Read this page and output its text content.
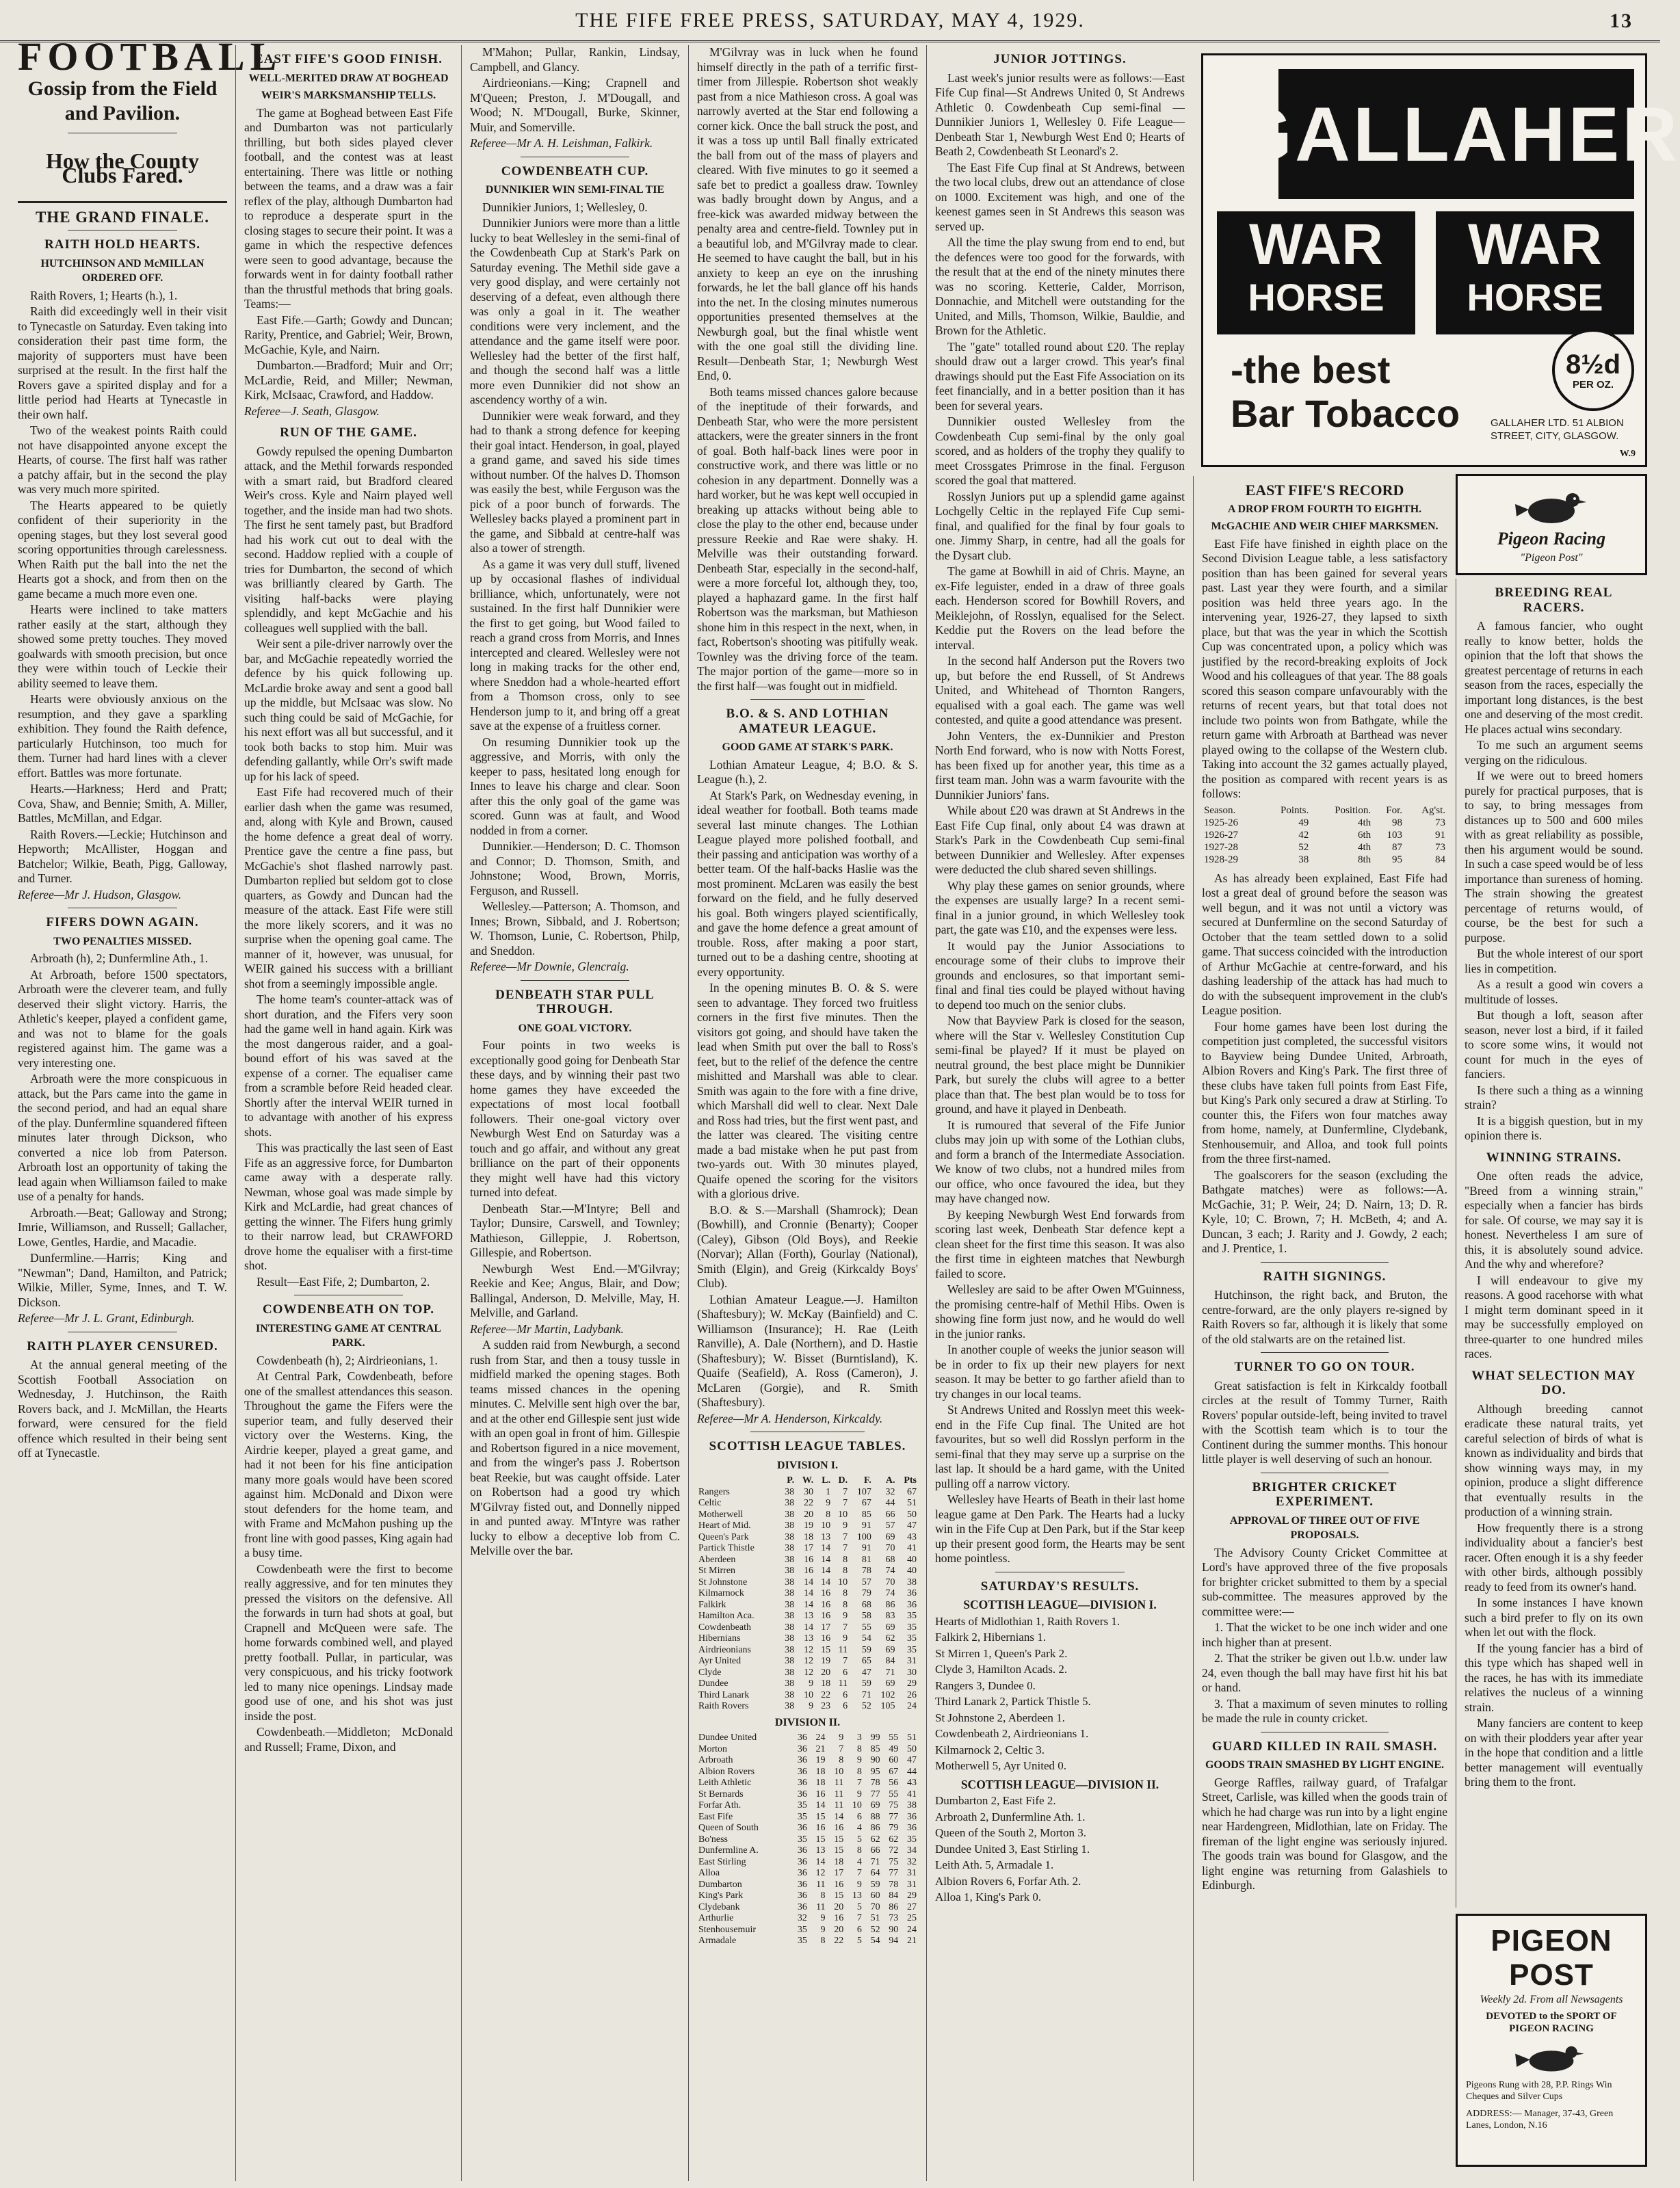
THE FIFE FREE PRESS, SATURDAY, MAY 4, 1929.	13
FOOTBALL
Gossip from the Field and Pavilion.
How the County Clubs Fared.
THE GRAND FINALE.
RAITH HOLD HEARTS.
HUTCHINSON AND McMILLAN ORDERED OFF.

Raith Rovers, 1; Hearts (h.), 1.

Raith did exceedingly well in their visit to Tynecastle on Saturday. Even taking into consideration their past time form, the majority of supporters must have been surprised at the result. In the first half the Rovers gave a spirited display and for a little period had Hearts at Tynecastle in their own half.

Two of the weakest points Raith could not have disappointed anyone except the Hearts, of course. The first half was rather a patchy affair, but in the second the play was very much more spirited.

The Hearts appeared to be quietly confident of their superiority in the opening stages, but they lost several good scoring opportunities through carelessness. When Raith put the ball into the net the Hearts got a shock, and from then on the game became a much more even one.

Hearts were inclined to take matters rather easily at the start, although they showed some pretty touches. They moved goalwards with smooth precision, but once they were within touch of Leckie their ability seemed to leave them.

Hearts were obviously anxious on the resumption, and they gave a sparkling exhibition. They found the Raith defence, particularly Hutchinson, too much for them. Turner had hard lines with a clever effort. Battles was more fortunate.

Hearts.—Harkness; Herd and Pratt; Cova, Shaw, and Bennie; Smith, A. Miller, Battles, McMillan, and Edgar.

Raith Rovers.—Leckie; Hutchinson and Hepworth; McAllister, Hoggan and Batchelor; Wilkie, Beath, Pigg, Galloway, and Turner.

Referee—Mr J. Hudson, Glasgow.

FIFERS DOWN AGAIN.
TWO PENALTIES MISSED.

Arbroath (h), 2; Dunfermline Ath., 1.

At Arbroath, before 1500 spectators, Arbroath were the cleverer team, and fully deserved their slight victory. Harris, the Athletic's keeper, played a confident game, and was not to blame for the goals registered against him. The game was a very interesting one.

Arbroath were the more conspicuous in attack, but the Pars came into the game in the second period, and had an equal share of the play. Dunfermline squandered fifteen minutes later through Dickson, who converted a nice lob from Paterson. Arbroath lost an opportunity of taking the lead again when Williamson failed to make use of a penalty for hands.

Arbroath.—Beat; Galloway and Strong; Imrie, Williamson, and Russell; Gallacher, Lowe, Gentles, Hardie, and Macadie.

Dunfermline.—Harris; King and "Newman"; Dand, Hamilton, and Patrick; Wilkie, Miller, Syme, Innes, and T. W. Dickson.

Referee—Mr J. L. Grant, Edinburgh.

RAITH PLAYER CENSURED.

At the annual general meeting of the Scottish Football Association on Wednesday, J. Hutchinson, the Raith Rovers back, and J. McMillan, the Hearts forward, were censured for the field offence which resulted in their being sent off at Tynecastle.

EAST FIFE'S GOOD FINISH.
WELL-MERITED DRAW AT BOGHEAD
WEIR'S MARKSMANSHIP TELLS.

The game at Boghead between East Fife and Dumbarton was not particularly thrilling, but both sides played clever football, and the contest was at least entertaining. There was little or nothing between the teams, and a draw was a fair reflex of the play, although Dumbarton had to reproduce a desperate spurt in the closing stages to secure their point. It was a game in which the respective defences were seen to good advantage, because the forwards went in for dainty football rather than the thrustful methods that bring goals. Teams:—

East Fife.—Garth; Gowdy and Duncan; Rarity, Prentice, and Gabriel; Weir, Brown, McGachie, Kyle, and Nairn.

Dumbarton.—Bradford; Muir and Orr; McLardie, Reid, and Miller; Newman, Kirk, McIsaac, Crawford, and Haddow.

Referee—J. Seath, Glasgow.

RUN OF THE GAME.

Gowdy repulsed the opening Dumbarton attack, and the Methil forwards responded with a smart raid, but Bradford cleared Weir's cross. Kyle and Nairn played well together, and the inside man had two shots. The first he sent tamely past, but Bradford had his work cut out to deal with the second. Haddow replied with a couple of tries for Dumbarton, the second of which was brilliantly cleared by Garth. The visiting half-backs were playing splendidly, and kept McGachie and his colleagues well supplied with the ball.

Weir sent a pile-driver narrowly over the bar, and McGachie repeatedly worried the defence by his quick following up. McLardie broke away and sent a good ball up the middle, but McIsaac was slow. No such thing could be said of McGachie, for his next effort was all but successful, and it took both backs to stop him. Muir was defending gallantly, while Orr's swift made up for his lack of speed.

East Fife had recovered much of their earlier dash when the game was resumed, and, along with Kyle and Brown, caused the home defence a great deal of worry. Prentice gave the centre a fine pass, but McGachie's shot flashed narrowly past. Dumbarton replied but seldom got to close quarters, as Gowdy and Duncan had the measure of the attack. East Fife were still the more likely scorers, and it was no surprise when the opening goal came. The manner of it, however, was unusual, for WEIR gained his success with a brilliant shot from a seemingly impossible angle.

The home team's counter-attack was of short duration, and the Fifers very soon had the game well in hand again. Kirk was the most dangerous raider, and a goal-bound effort of his was saved at the expense of a corner. The equaliser came from a scramble before Reid headed clear. Shortly after the interval WEIR turned in to advantage with another of his express shots.

This was practically the last seen of East Fife as an aggressive force, for Dumbarton came away with a desperate rally. Newman, whose goal was made simple by Kirk and McLardie, had great chances of getting the winner. The Fifers hung grimly to their narrow lead, but CRAWFORD drove home the equaliser with a first-time shot.

Result—East Fife, 2; Dumbarton, 2.

COWDENBEATH ON TOP.
INTERESTING GAME AT CENTRAL PARK.

Cowdenbeath (h), 2; Airdrieonians, 1.

At Central Park, Cowdenbeath, before one of the smallest attendances this season. Throughout the game the Fifers were the superior team, and fully deserved their victory over the Westerns. King, the Airdrie keeper, played a great game, and had it not been for his fine anticipation many more goals would have been scored against him. McDonald and Dixon were stout defenders for the home team, and with Frame and McMahon pushing up the front line with good passes, King again had a busy time.

Cowdenbeath were the first to become really aggressive, and for ten minutes they pressed the visitors on the defensive. All the forwards in turn had shots at goal, but Crapnell and McQueen were safe. The home forwards combined well, and played pretty football. Pullar, in particular, was very conspicuous, and his tricky footwork led to many nice openings. Lindsay made good use of one, and his shot was just inside the post.

Cowdenbeath.—Middleton; McDonald and Russell; Frame, Dixon, and

M'Mahon; Pullar, Rankin, Lindsay, Campbell, and Glancy.

Airdrieonians.—King; Crapnell and M'Queen; Preston, J. M'Dougall, and Wood; N. M'Dougall, Burke, Skinner, Muir, and Somerville.

Referee—Mr A. H. Leishman, Falkirk.

COWDENBEATH CUP.
DUNNIKIER WIN SEMI-FINAL TIE

Dunnikier Juniors, 1; Wellesley, 0.

Dunnikier Juniors were more than a little lucky to beat Wellesley in the semi-final of the Cowdenbeath Cup at Stark's Park on Saturday evening. The Methil side gave a very good display, and were certainly not deserving of a defeat, even although there was only a goal in it. The weather conditions were very inclement, and the attendance and the game itself were poor. Wellesley had the better of the first half, and though the second half was a little more even Dunnikier did not show an ascendency worthy of a win.

Dunnikier were weak forward, and they had to thank a strong defence for keeping their goal intact. Henderson, in goal, played a grand game, and saved his side times without number. Of the halves D. Thomson was easily the best, while Ferguson was the pick of a poor bunch of forwards. The Wellesley backs played a prominent part in the game, and Sibbald at centre-half was also a tower of strength.

As a game it was very dull stuff, livened up by occasional flashes of individual brilliance, which, unfortunately, were not sustained. In the first half Dunnikier were the first to get going, but Wood failed to reach a grand cross from Morris, and Innes intercepted and cleared. Wellesley were not long in making tracks for the other end, where Sneddon had a whole-hearted effort from a Thomson cross, only to see Henderson jump to it, and bring off a great save at the expense of a fruitless corner.

On resuming Dunnikier took up the aggressive, and Morris, with only the keeper to pass, hesitated long enough for Innes to leave his charge and clear. Soon after this the only goal of the game was scored. Gunn was at fault, and Wood nodded in from a corner.

Dunnikier.—Henderson; D. C. Thomson and Connor; D. Thomson, Smith, and Johnstone; Wood, Brown, Morris, Ferguson, and Russell.

Wellesley.—Patterson; A. Thomson, and Innes; Brown, Sibbald, and J. Robertson; W. Thomson, Lunie, C. Robertson, Philp, and Sneddon.

Referee—Mr Downie, Glencraig.

DENBEATH STAR PULL THROUGH.
ONE GOAL VICTORY.

Four points in two weeks is exceptionally good going for Denbeath Star these days, and by winning their past two home games they have exceeded the expectations of most local football followers. Their one-goal victory over Newburgh West End on Saturday was a touch and go affair, and without any great brilliance on the part of their opponents they might well have had this victory turned into defeat.

Denbeath Star.—M'Intyre; Bell and Taylor; Dunsire, Carswell, and Townley; Mathieson, Gilleppie, J. Robertson, Gillespie, and Robertson.

Newburgh West End.—M'Gilvray; Reekie and Kee; Angus, Blair, and Dow; Ballingal, Anderson, D. Melville, May, H. Melville, and Garland.

Referee—Mr Martin, Ladybank.

A sudden raid from Newburgh, a second rush from Star, and then a tousy tussle in midfield marked the opening stages. Both teams missed chances in the opening minutes. C. Melville sent high over the bar, and at the other end Gillespie sent just wide with an open goal in front of him. Gillespie and Robertson figured in a nice movement, and from the winger's pass J. Robertson beat Reekie, but was caught offside. Later on Robertson had a good try which M'Gilvray fisted out, and Donnelly nipped in and punted away. M'Intyre was rather lucky to elbow a deceptive lob from C. Melville over the bar.

M'Gilvray was in luck when he found himself directly in the path of a terrific first-timer from Jillespie. Robertson shot weakly past from a nice Mathieson cross. A goal was narrowly averted at the Star end following a corner kick. Once the ball struck the post, and it was a toss up until Ball finally extricated the ball from out of the mass of players and cleared. With five minutes to go it seemed a safe bet to predict a goalless draw. Townley was badly brought down by Angus, and a free-kick was awarded midway between the penalty area and centre-field. Townley put in a beautiful lob, and M'Gilvray made to clear. He seemed to have caught the ball, but in his anxiety to keep an eye on the inrushing forwards, he let the ball glance off his hands into the net. In the closing minutes numerous opportunities presented themselves at the Newburgh goal, but the final whistle went with the one goal still the dividing line. Result—Denbeath Star, 1; Newburgh West End, 0.

Both teams missed chances galore because of the ineptitude of their forwards, and Denbeath Star, who were the more persistent attackers, were the greater sinners in the front of goal. Both half-back lines were poor in constructive work, and there was little or no cohesion in any department. Donnelly was a hard worker, but he was kept well occupied in breaking up attacks without being able to close the play to the other end, because under pressure Reekie and Rae were shaky. H. Melville was their outstanding forward. Denbeath Star, especially in the second-half, were a more forceful lot, although they, too, played a haphazard game. In the first half Robertson was the marksman, but Mathieson shone him in this respect in the next, when, in fact, Robertson's shooting was pitifully weak. Townley was the driving force of the team. The major portion of the game—more so in the first half—was fought out in midfield.

B.O. & S. AND LOTHIAN AMATEUR LEAGUE.
GOOD GAME AT STARK'S PARK.

Lothian Amateur League, 4; B.O. & S. League (h.), 2.

At Stark's Park, on Wednesday evening, in ideal weather for football. Both teams made several last minute changes. The Lothian League played more polished football, and their passing and anticipation was worthy of a better team. Of the half-backs Haslie was the most prominent. McLaren was easily the best forward on the field, and he fully deserved his goal. Both wingers played scientifically, and gave the home defence a great amount of trouble. Ross, after making a poor start, turned out to be a dashing centre, shooting at every opportunity.

In the opening minutes B. O. & S. were seen to advantage. They forced two fruitless corners in the first five minutes. Then the visitors got going, and should have taken the lead when Smith put over the ball to Ross's feet, but to the relief of the defence the centre mishitted and Marshall was able to clear. Smith was again to the fore with a fine drive, which Marshall did well to clear. Next Dale and Ross had tries, but the first went past, and the latter was cleared. The visiting centre made a bad mistake when he put past from two-yards out. With 30 minutes played, Quaife opened the scoring for the visitors with a glorious drive.

B.O. & S.—Marshall (Shamrock); Dean (Bowhill), and Cronnie (Benarty); Cooper (Caley), Gibson (Old Boys), and Reekie (Norvar); Allan (Forth), Gourlay (National), Smith (Elgin), and Greig (Kirkcaldy Boys' Club).

Lothian Amateur League.—J. Hamilton (Shaftesbury); W. McKay (Bainfield) and C. Williamson (Insurance); H. Rae (Leith Ranville), A. Dale (Northern), and D. Hastie (Shaftesbury); W. Bisset (Burntisland), K. Quaife (Seafield), A. Ross (Cameron), J. McLaren (Gorgie), and R. Smith (Shaftesbury).

Referee—Mr A. Henderson, Kirkcaldy.

SCOTTISH LEAGUE TABLES.
DIVISION I.
	P.	W.	L.	D.	F.	A.	Pts
Rangers	38	30	1	7	107	32	67
Celtic	38	22	9	7	67	44	51
Motherwell	38	20	8	10	85	66	50
Heart of Mid.	38	19	10	9	91	57	47
Queen's Park	38	18	13	7	100	69	43
Partick Thistle	38	17	14	7	91	70	41
Aberdeen	38	16	14	8	81	68	40
St Mirren	38	16	14	8	78	74	40
St Johnstone	38	14	14	10	57	70	38
Kilmarnock	38	14	16	8	79	74	36
Falkirk	38	14	16	8	68	86	36
Hamilton Aca.	38	13	16	9	58	83	35
Cowdenbeath	38	14	17	7	55	69	35
Hibernians	38	13	16	9	54	62	35
Airdrieonians	38	12	15	11	59	69	35
Ayr United	38	12	19	7	65	84	31
Clyde	38	12	20	6	47	71	30
Dundee	38	9	18	11	59	69	29
Third Lanark	38	10	22	6	71	102	26
Raith Rovers	38	9	23	6	52	105	24
DIVISION II.
Dundee United	36	24	9	3	99	55	51
Morton	36	21	7	8	85	49	50
Arbroath	36	19	8	9	90	60	47
Albion Rovers	36	18	10	8	95	67	44
Leith Athletic	36	18	11	7	78	56	43
St Bernards	36	16	11	9	77	55	41
Forfar Ath.	35	14	11	10	69	75	38
East Fife	35	15	14	6	88	77	36
Queen of South	36	16	16	4	86	79	36
Bo'ness	35	15	15	5	62	62	35
Dunfermline A.	36	13	15	8	66	72	34
East Stirling	36	14	18	4	71	75	32
Alloa	36	12	17	7	64	77	31
Dumbarton	36	11	16	9	59	78	31
King's Park	36	8	15	13	60	84	29
Clydebank	36	11	20	5	70	86	27
Arthurlie	32	9	16	7	51	73	25
Stenhousemuir	35	9	20	6	52	90	24
Armadale	35	8	22	5	54	94	21
JUNIOR JOTTINGS.

Last week's junior results were as follows:—East Fife Cup final—St Andrews United 0, St Andrews Athletic 0. Cowdenbeath Cup semi-final — Dunnikier Juniors 1, Wellesley 0. Fife League—Denbeath Star 1, Newburgh West End 0; Hearts of Beath 2, Cowdenbeath St Leonard's 2.

The East Fife Cup final at St Andrews, between the two local clubs, drew out an attendance of close on 1000. Excitement was high, and one of the keenest games seen in St Andrews this season was served up.

All the time the play swung from end to end, but the defences were too good for the forwards, with the result that at the end of the ninety minutes there was no scoring. Ketterie, Calder, Morrison, Donnachie, and Mitchell were outstanding for the United, and Mills, Thomson, Wilkie, Bauldie, and Brown for the Athletic.

The "gate" totalled round about £20. The replay should draw out a larger crowd. This year's final drawings should put the East Fife Association on its feet financially, and in a better position than it has been for several years.

Dunnikier ousted Wellesley from the Cowdenbeath Cup semi-final by the only goal scored, and as holders of the trophy they qualify to meet Crossgates Primrose in the final. Ferguson scored the goal that mattered.

Rosslyn Juniors put up a splendid game against Lochgelly Celtic in the replayed Fife Cup semi-final, and qualified for the final by four goals to one. Jimmy Sharp, in centre, had all the goals for the Dysart club.

The game at Bowhill in aid of Chris. Mayne, an ex-Fife leguister, ended in a draw of three goals each. Henderson scored for Bowhill Rovers, and Meiklejohn, of Rosslyn, equalised for the Select. Keddie put the Rovers on the lead before the interval.

In the second half Anderson put the Rovers two up, but before the end Russell, of St Andrews United, and Whitehead of Thornton Rangers, equalised with a goal each. The game was well contested, and quite a good attendance was present.

John Venters, the ex-Dunnikier and Preston North End forward, who is now with Notts Forest, has been fixed up for another year, this time as a first team man. John was a warm favourite with the Dunnikier Juniors' fans.

While about £20 was drawn at St Andrews in the East Fife Cup final, only about £4 was drawn at Stark's Park in the Cowdenbeath Cup semi-final between Dunnikier and Wellesley. After expenses were deducted the club shared seven shillings.

Why play these games on senior grounds, where the expenses are usually large? In a recent semi-final in a junior ground, in which Wellesley took part, the gate was £10, and the expenses were less.

It would pay the Junior Associations to encourage some of their clubs to improve their grounds and enclosures, so that important semi-final and final ties could be played without having to depend too much on the senior clubs.

Now that Bayview Park is closed for the season, where will the Star v. Wellesley Constitution Cup semi-final be played? If it must be played on neutral ground, the best place might be Dunnikier Park, but surely the clubs will agree to a better place than that. The best plan would be to toss for ground, and have it played in Denbeath.

It is rumoured that several of the Fife Junior clubs may join up with some of the Lothian clubs, and form a branch of the Intermediate Association. We know of two clubs, not a hundred miles from our office, who once favoured the idea, but they may have changed now.

By keeping Newburgh West End forwards from scoring last week, Denbeath Star defence kept a clean sheet for the first time this season. It was also the first time in eighteen matches that Newburgh failed to score.

Wellesley are said to be after Owen M'Guinness, the promising centre-half of Methil Hibs. Owen is showing fine form just now, and he would do well in the junior ranks.

In another couple of weeks the junior season will be in order to fix up their new players for next season. It may be better to go farther afield than to try changes in our local teams.

St Andrews United and Rosslyn meet this week-end in the Fife Cup final. The United are hot favourites, but so well did Rosslyn perform in the semi-final that they may serve up a surprise on the last lap. It should be a hard game, with the United pulling off a narrow victory.

Wellesley have Hearts of Beath in their last home league game at Den Park. The Hearts had a lucky win in the Fife Cup at Den Park, but if the Star keep up their present good form, the Hearts may be sent home pointless.

SATURDAY'S RESULTS.
SCOTTISH LEAGUE—DIVISION I.

Hearts of Midlothian 1, Raith Rovers 1.

Falkirk 2, Hibernians 1.

St Mirren 1, Queen's Park 2.

Clyde 3, Hamilton Acads. 2.

Rangers 3, Dundee 0.

Third Lanark 2, Partick Thistle 5.

St Johnstone 2, Aberdeen 1.

Cowdenbeath 2, Airdrieonians 1.

Kilmarnock 2, Celtic 3.

Motherwell 5, Ayr United 0.

SCOTTISH LEAGUE—DIVISION II.

Dumbarton 2, East Fife 2.

Arbroath 2, Dunfermline Ath. 1.

Queen of the South 2, Morton 3.

Dundee United 3, East Stirling 1.

Leith Ath. 5, Armadale 1.

Albion Rovers 6, Forfar Ath. 2.

Alloa 1, King's Park 0.

EAST FIFE'S RECORD
A DROP FROM FOURTH TO EIGHTH.
McGACHIE AND WEIR CHIEF MARKSMEN.

East Fife have finished in eighth place on the Second Division League table, a less satisfactory position than has been gained for several years past. Last year they were fourth, and a similar position was held three years ago. In the intervening year, 1926-27, they lapsed to sixth place, but that was the year in which the Scottish Cup was concentrated upon, a policy which was justified by the record-breaking exploits of Jock Wood and his colleagues of that year. The 88 goals scored this season compare unfavourably with the returns of recent years, but that total does not include two points won from Bathgate, while the return game with Arbroath at Barthead was never played owing to the collapse of the Western club. Taking into account the 32 games actually played, the position as compared with recent years is as follows:

Season.	Points.	Position.	For.	Ag'st.
1925-26	49	4th	98	73
1926-27	42	6th	103	91
1927-28	52	4th	87	73
1928-29	38	8th	95	84

As has already been explained, East Fife had lost a great deal of ground before the season was well begun, and it was not until a victory was secured at Dunfermline on the second Saturday of October that the team settled down to a solid game. That success coincided with the introduction of Arthur McGachie at centre-forward, and his dashing leadership of the attack has had much to do with the subsequent improvement in the club's League position.

Four home games have been lost during the competition just completed, the successful visitors to Bayview being Dundee United, Arbroath, Albion Rovers and King's Park. The first three of these clubs have taken full points from East Fife, but King's Park only secured a draw at Stirling. To counter this, the Fifers won four matches away from home, namely, at Dunfermline, Clydebank, Stenhousemuir, and Alloa, and took full points from the three first-named.

The goalscorers for the season (excluding the Bathgate matches) were as follows:—A. McGachie, 31; P. Weir, 24; D. Nairn, 13; D. R. Kyle, 10; C. Brown, 7; H. McBeth, 4; and A. Duncan, 3 each; J. Rarity and J. Gowdy, 2 each; and J. Prentice, 1.

RAITH SIGNINGS.

Hutchinson, the right back, and Bruton, the centre-forward, are the only players re-signed by Raith Rovers so far, although it is likely that some of the old stalwarts are on the retained list.

TURNER TO GO ON TOUR.

Great satisfaction is felt in Kirkcaldy football circles at the result of Tommy Turner, Raith Rovers' popular outside-left, being invited to travel with the Scottish team which is to tour the Continent during the summer months. This honour little player is well deserving of such an honour.

BRIGHTER CRICKET EXPERIMENT.
APPROVAL OF THREE OUT OF FIVE PROPOSALS.

The Advisory County Cricket Committee at Lord's have approved three of the five proposals for brighter cricket submitted to them by a special sub-committee. The measures approved by the committee were:—

1. That the wicket to be one inch wider and one inch higher than at present.

2. That the striker be given out l.b.w. under law 24, even though the ball may have first hit his bat or hand.

3. That a maximum of seven minutes to rolling be made the rule in county cricket.

GUARD KILLED IN RAIL SMASH.
GOODS TRAIN SMASHED BY LIGHT ENGINE.

George Raffles, railway guard, of Trafalgar Street, Carlisle, was killed when the goods train of which he had charge was run into by a light engine near Hardengreen, Midlothian, late on Friday. The fireman of the light engine was seriously injured. The goods train was bound for Glasgow, and the light engine was returning from Galashiels to Edinburgh.

BREEDING REAL RACERS.

A famous fancier, who ought really to know better, holds the opinion that the loft that shows the greatest percentage of returns in each season from the races, especially the important long distances, is the best one and deserving of the most credit. He places actual wins secondary.

To me such an argument seems verging on the ridiculous.

If we were out to breed homers purely for practical purposes, that is to say, to bring messages from distances up to 500 and 600 miles with as great reliability as possible, then his argument would be sound. In such a case speed would be of less importance than sureness of homing. The strain showing the greatest percentage of returns would, of course, be the best for such a purpose.

But the whole interest of our sport lies in competition.

As a result a good win covers a multitude of losses.

But though a loft, season after season, never lost a bird, if it failed to score some wins, it would not count for much in the eyes of fanciers.

Is there such a thing as a winning strain?

It is a biggish question, but in my opinion there is.

WINNING STRAINS.

One often reads the advice, "Breed from a winning strain," especially when a fancier has birds for sale. Of course, we may say it is honest. Nevertheless I am sure of this, it is absolutely sound advice. And the why and wherefore?

I will endeavour to give my reasons. A good racehorse with what I might term dominant speed in it may be successfully employed on three-quarter to one hundred miles races.

WHAT SELECTION MAY DO.

Although breeding cannot eradicate these natural traits, yet careful selection of birds of what is known as individuality and birds that show winning ways may, in my opinion, produce a slight difference that eventually results in the production of a winning strain.

How frequently there is a strong individuality about a fancier's best racer. Often enough it is a shy feeder with other birds, although possibly ready to feed from its owner's hand.

In some instances I have known such a bird prefer to fly on its own when let out with the flock.

If the young fancier has a bird of this type which has shaped well in the races, he has with its immediate relatives the nucleus of a winning strain.

Many fanciers are content to keep on with their plodders year after year in the hope that condition and a little better management will eventually bring them to the front.

GALLAHER
WAR
HORSE
WAR
HORSE
8½d
PER OZ.
-the best
Bar Tobacco	GALLAHER LTD. 51 ALBION STREET, CITY, GLASGOW.
W.9
Pigeon Racing
"Pigeon Post"
PIGEON POST
Weekly 2d. From all Newsagents
DEVOTED to the SPORT OF PIGEON RACING
Pigeons Rung with 28, P.P. Rings Win Cheques and Silver Cups
ADDRESS:— Manager, 37-43, Green Lanes, London, N.16
